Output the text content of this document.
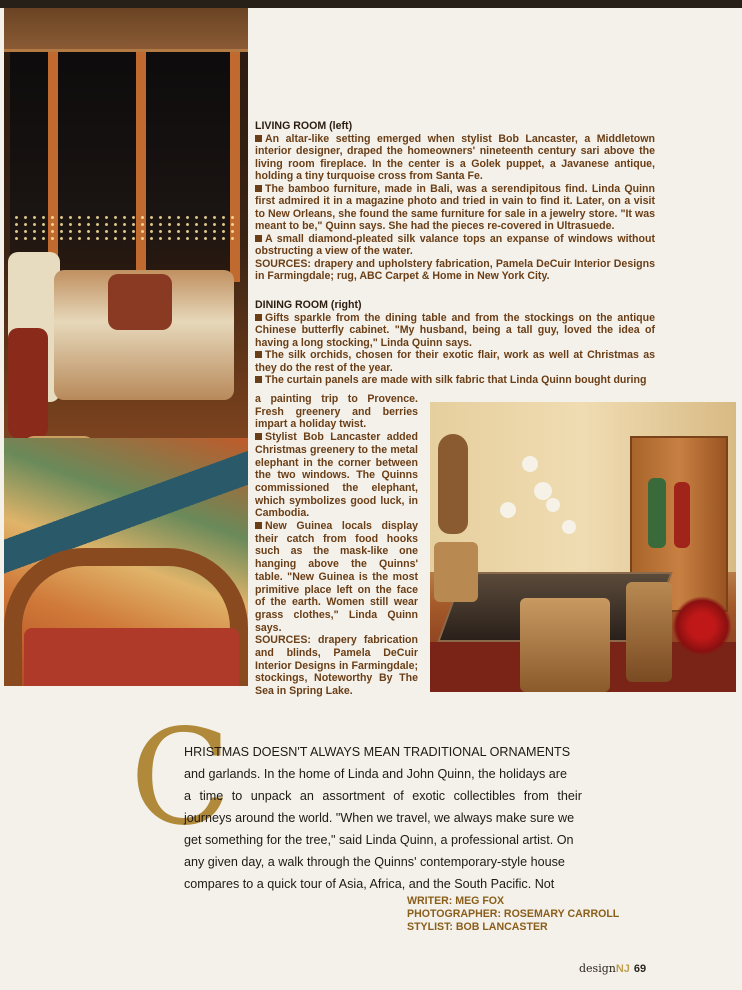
LIVING ROOM (left)

An altar-like setting emerged when stylist Bob Lancaster, a Middletown interior designer, draped the homeowners' nineteenth century sari above the living room fireplace. In the center is a Golek puppet, a Javanese antique, holding a tiny turquoise cross from Santa Fe.

The bamboo furniture, made in Bali, was a serendipitous find. Linda Quinn first admired it in a magazine photo and tried in vain to find it. Later, on a visit to New Orleans, she found the same furniture for sale in a jewelry store. "It was meant to be," Quinn says. She had the pieces re-covered in Ultrasuede.

A small diamond-pleated silk valance tops an expanse of windows without obstructing a view of the water.

SOURCES: drapery and upholstery fabrication, Pamela DeCuir Interior Designs in Farmingdale; rug, ABC Carpet & Home in New York City.

DINING ROOM (right)

Gifts sparkle from the dining table and from the stockings on the antique Chinese butterfly cabinet. "My husband, being a tall guy, loved the idea of having a long stocking," Linda Quinn says.

The silk orchids, chosen for their exotic flair, work as well at Christmas as they do the rest of the year.

The curtain panels are made with silk fabric that Linda Quinn bought during

a painting trip to Provence. Fresh greenery and berries impart a holiday twist.

Stylist Bob Lancaster added Christmas greenery to the metal elephant in the corner between the two windows. The Quinns commissioned the elephant, which symbolizes good luck, in Cambodia.

New Guinea locals display their catch from food hooks such as the mask-like one hanging above the Quinns' table. "New Guinea is the most primitive place left on the face of the earth. Women still wear grass clothes," Linda Quinn says.

SOURCES: drapery fabrication and blinds, Pamela DeCuir Interior Designs in Farmingdale; stockings, Noteworthy By The Sea in Spring Lake.

C
HRISTMAS DOESN'T ALWAYS MEAN TRADITIONAL ORNAMENTS
and garlands. In the home of Linda and John Quinn, the holidays are
a time to unpack an assortment of exotic collectibles from their
journeys around the world. "When we travel, we always make sure we
get something for the tree," said Linda Quinn, a professional artist. On
any given day, a walk through the Quinns' contemporary-style house
compares to a quick tour of Asia, Africa, and the South Pacific. Not
WRITER: MEG FOX
PHOTOGRAPHER: ROSEMARY CARROLL
STYLIST: BOB LANCASTER
designNJ 69
